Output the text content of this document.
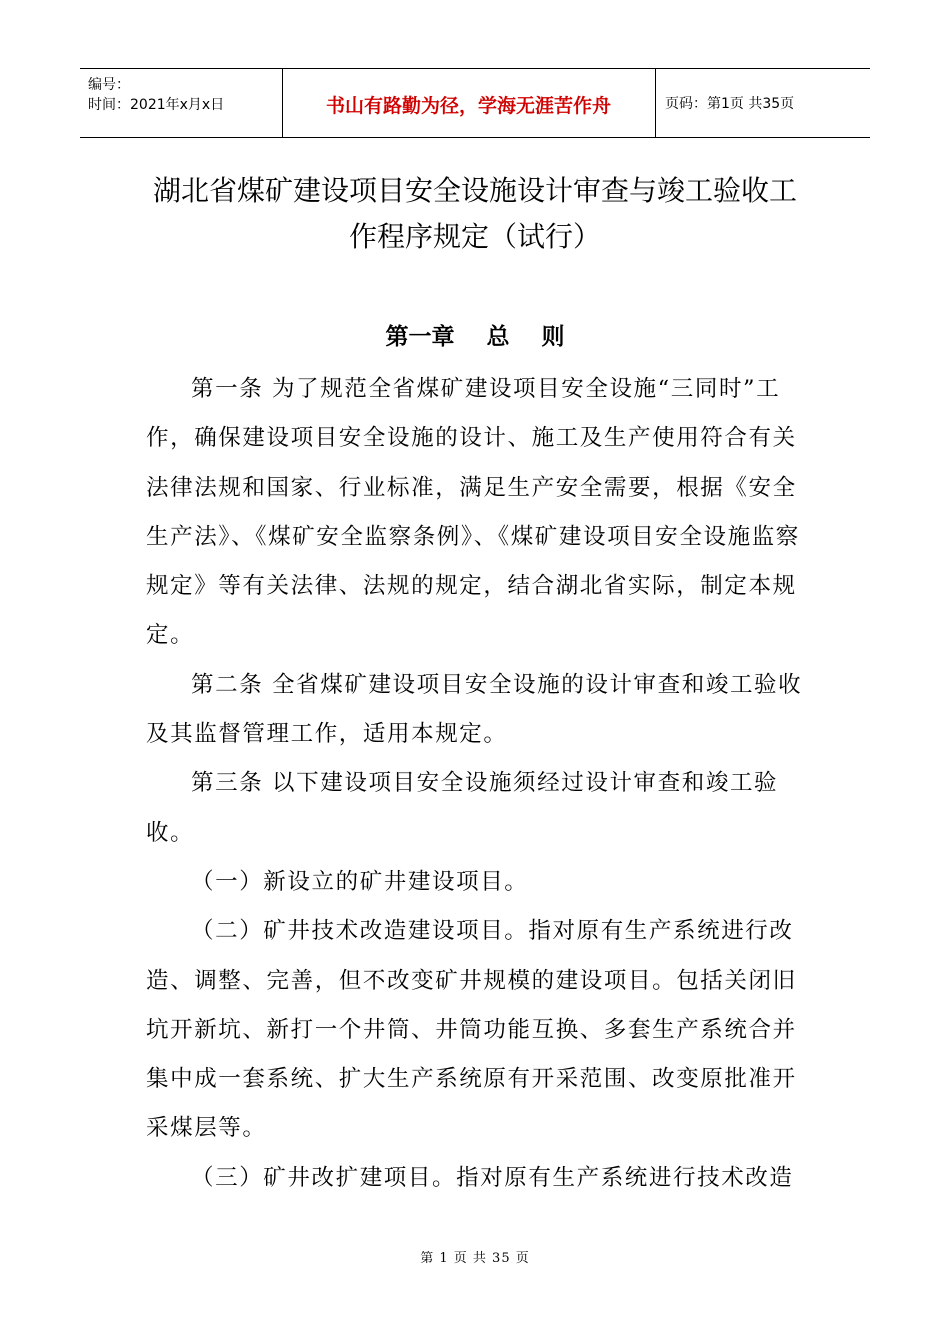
编号：
时间：2021年x月x日	书山有路勤为径，学海无涯苦作舟	页码：第1页 共35页
湖北省煤矿建设项目安全设施设计审查与竣工验收工
作程序规定（试行）
第一章    总    则

第一条 为了规范全省煤矿建设项目安全设施“三同时”工作，确保建设项目安全设施的设计、施工及生产使用符合有关法律法规和国家、行业标准，满足生产安全需要，根据《安全生产法》、《煤矿安全监察条例》、《煤矿建设项目安全设施监察规定》等有关法律、法规的规定，结合湖北省实际，制定本规定。

第二条 全省煤矿建设项目安全设施的设计审查和竣工验收及其监督管理工作，适用本规定。

第三条 以下建设项目安全设施须经过设计审查和竣工验收。

（一）新设立的矿井建设项目。

（二）矿井技术改造建设项目。指对原有生产系统进行改造、调整、完善，但不改变矿井规模的建设项目。包括关闭旧坑开新坑、新打一个井筒、井筒功能互换、多套生产系统合并集中成一套系统、扩大生产系统原有开采范围、改变原批准开采煤层等。

（三）矿井改扩建项目。指对原有生产系统进行技术改造

第 1 页 共 35 页
